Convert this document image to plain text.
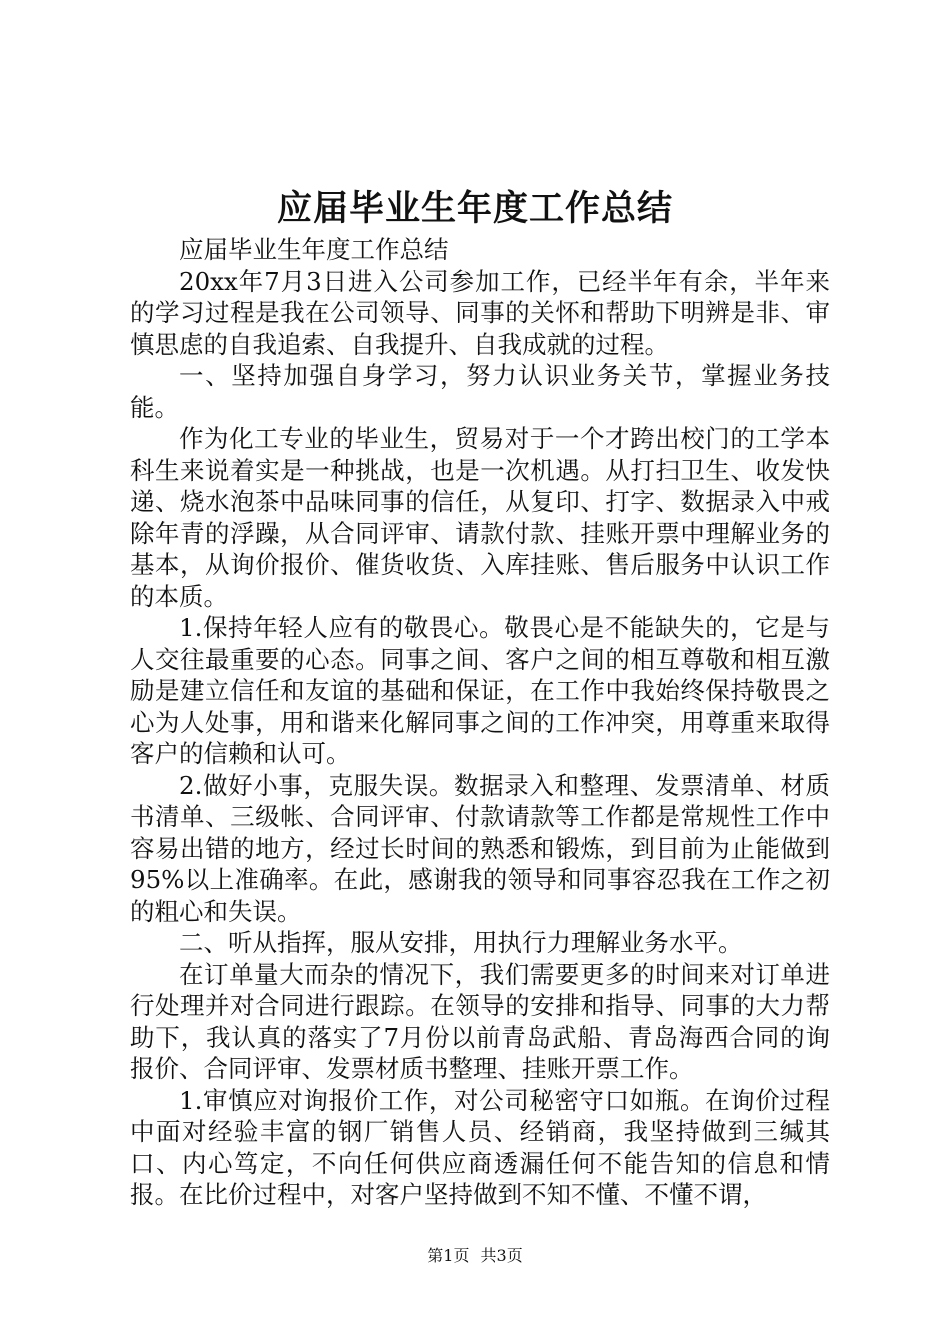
应届毕业生年度工作总结

应届毕业生年度工作总结

20xx年7月3日进入公司参加工作，已经半年有余，半年来的学习过程是我在公司领导、同事的关怀和帮助下明辨是非、审慎思虑的自我追索、自我提升、自我成就的过程。

一、坚持加强自身学习，努力认识业务关节，掌握业务技能。

作为化工专业的毕业生，贸易对于一个才跨出校门的工学本科生来说着实是一种挑战，也是一次机遇。从打扫卫生、收发快递、烧水泡茶中品味同事的信任，从复印、打字、数据录入中戒除年青的浮躁，从合同评审、请款付款、挂账开票中理解业务的基本，从询价报价、催货收货、入库挂账、售后服务中认识工作的本质。

1.保持年轻人应有的敬畏心。敬畏心是不能缺失的，它是与人交往最重要的心态。同事之间、客户之间的相互尊敬和相互激励是建立信任和友谊的基础和保证，在工作中我始终保持敬畏之心为人处事，用和谐来化解同事之间的工作冲突，用尊重来取得客户的信赖和认可。

2.做好小事，克服失误。数据录入和整理、发票清单、材质书清单、三级帐、合同评审、付款请款等工作都是常规性工作中容易出错的地方，经过长时间的熟悉和锻炼，到目前为止能做到95%以上准确率。在此，感谢我的领导和同事容忍我在工作之初的粗心和失误。

二、听从指挥，服从安排，用执行力理解业务水平。

在订单量大而杂的情况下，我们需要更多的时间来对订单进行处理并对合同进行跟踪。在领导的安排和指导、同事的大力帮助下，我认真的落实了7月份以前青岛武船、青岛海西合同的询报价、合同评审、发票材质书整理、挂账开票工作。

1.审慎应对询报价工作，对公司秘密守口如瓶。在询价过程中面对经验丰富的钢厂销售人员、经销商，我坚持做到三缄其口、内心笃定，不向任何供应商透漏任何不能告知的信息和情报。在比价过程中，对客户坚持做到不知不懂、不懂不谓，

第1页 共3页
